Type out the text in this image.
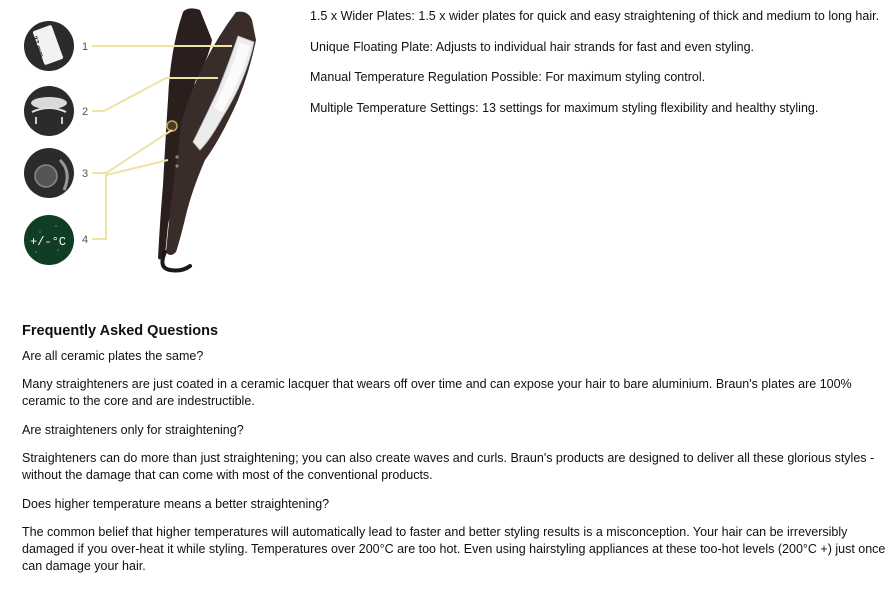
1
2
3
4
37 mm
+/-°C

1.5 x Wider Plates: 1.5 x wider plates for quick and easy straightening of thick and medium to long hair.

Unique Floating Plate: Adjusts to individual hair strands for fast and even styling.

Manual Temperature Regulation Possible: For maximum styling control.

Multiple Temperature Settings: 13 settings for maximum styling flexibility and healthy styling.

Frequently Asked Questions

Are all ceramic plates the same?

Many straighteners are just coated in a ceramic lacquer that wears off over time and can expose your hair to bare aluminium. Braun's plates are 100% ceramic to the core and are indestructible.

Are straighteners only for straightening?

Straighteners can do more than just straightening; you can also create waves and curls. Braun's products are designed to deliver all these glorious styles - without the damage that can come with most of the conventional products.

Does higher temperature means a better straightening?

The common belief that higher temperatures will automatically lead to faster and better styling results is a misconception. Your hair can be irreversibly damaged if you over-heat it while styling. Temperatures over 200°C are too hot. Even using hairstyling appliances at these too-hot levels (200°C +) just once can damage your hair.
